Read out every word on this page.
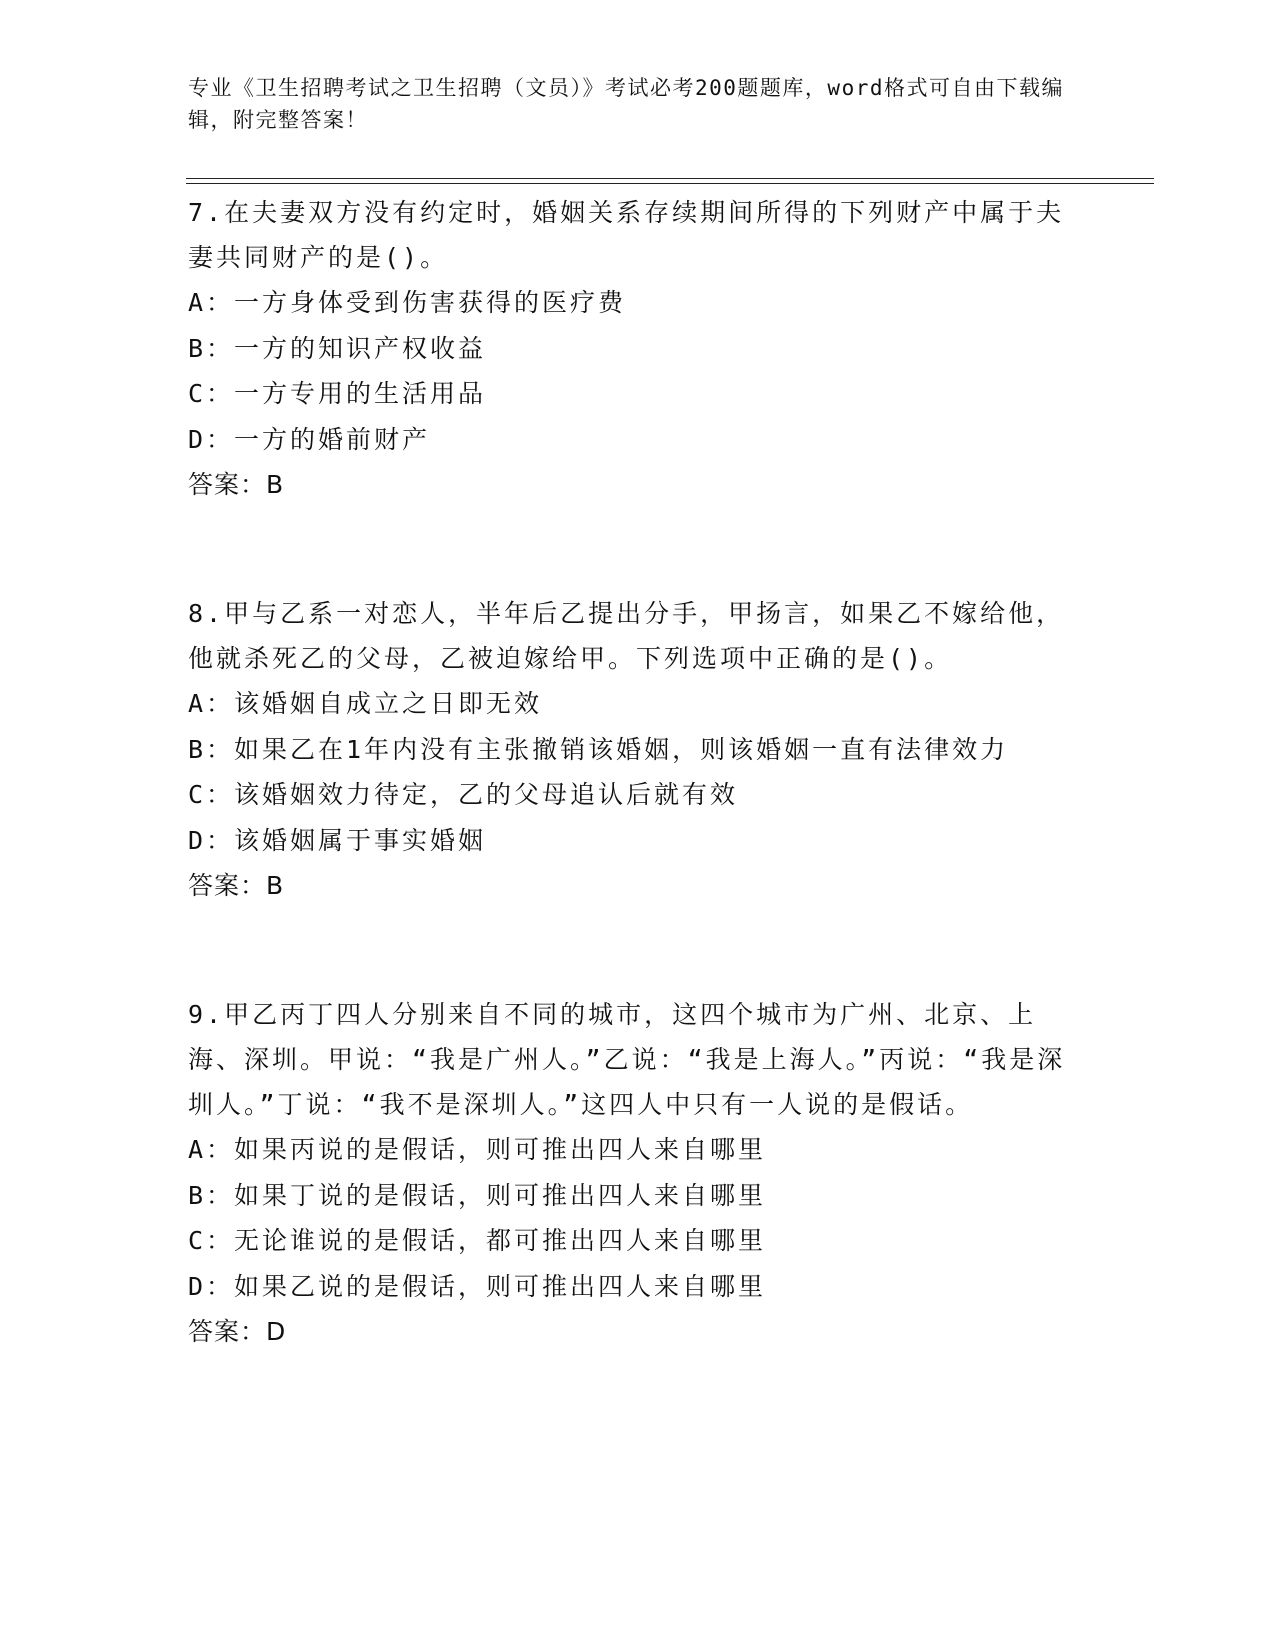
专业《卫生招聘考试之卫生招聘（文员）》考试必考200题题库，word格式可自由下载编辑，附完整答案！
7.在夫妻双方没有约定时，婚姻关系存续期间所得的下列财产中属于夫妻共同财产的是()。
A：一方身体受到伤害获得的医疗费
B：一方的知识产权收益
C：一方专用的生活用品
D：一方的婚前财产
答案：B
8.甲与乙系一对恋人，半年后乙提出分手，甲扬言，如果乙不嫁给他，他就杀死乙的父母，乙被迫嫁给甲。下列选项中正确的是()。
A：该婚姻自成立之日即无效
B：如果乙在1年内没有主张撤销该婚姻，则该婚姻一直有法律效力
C：该婚姻效力待定，乙的父母追认后就有效
D：该婚姻属于事实婚姻
答案：B
9.甲乙丙丁四人分别来自不同的城市，这四个城市为广州、北京、上海、深圳。甲说：“我是广州人。”乙说：“我是上海人。”丙说：“我是深圳人。”丁说：“我不是深圳人。”这四人中只有一人说的是假话。
A：如果丙说的是假话，则可推出四人来自哪里
B：如果丁说的是假话，则可推出四人来自哪里
C：无论谁说的是假话，都可推出四人来自哪里
D：如果乙说的是假话，则可推出四人来自哪里
答案：D
